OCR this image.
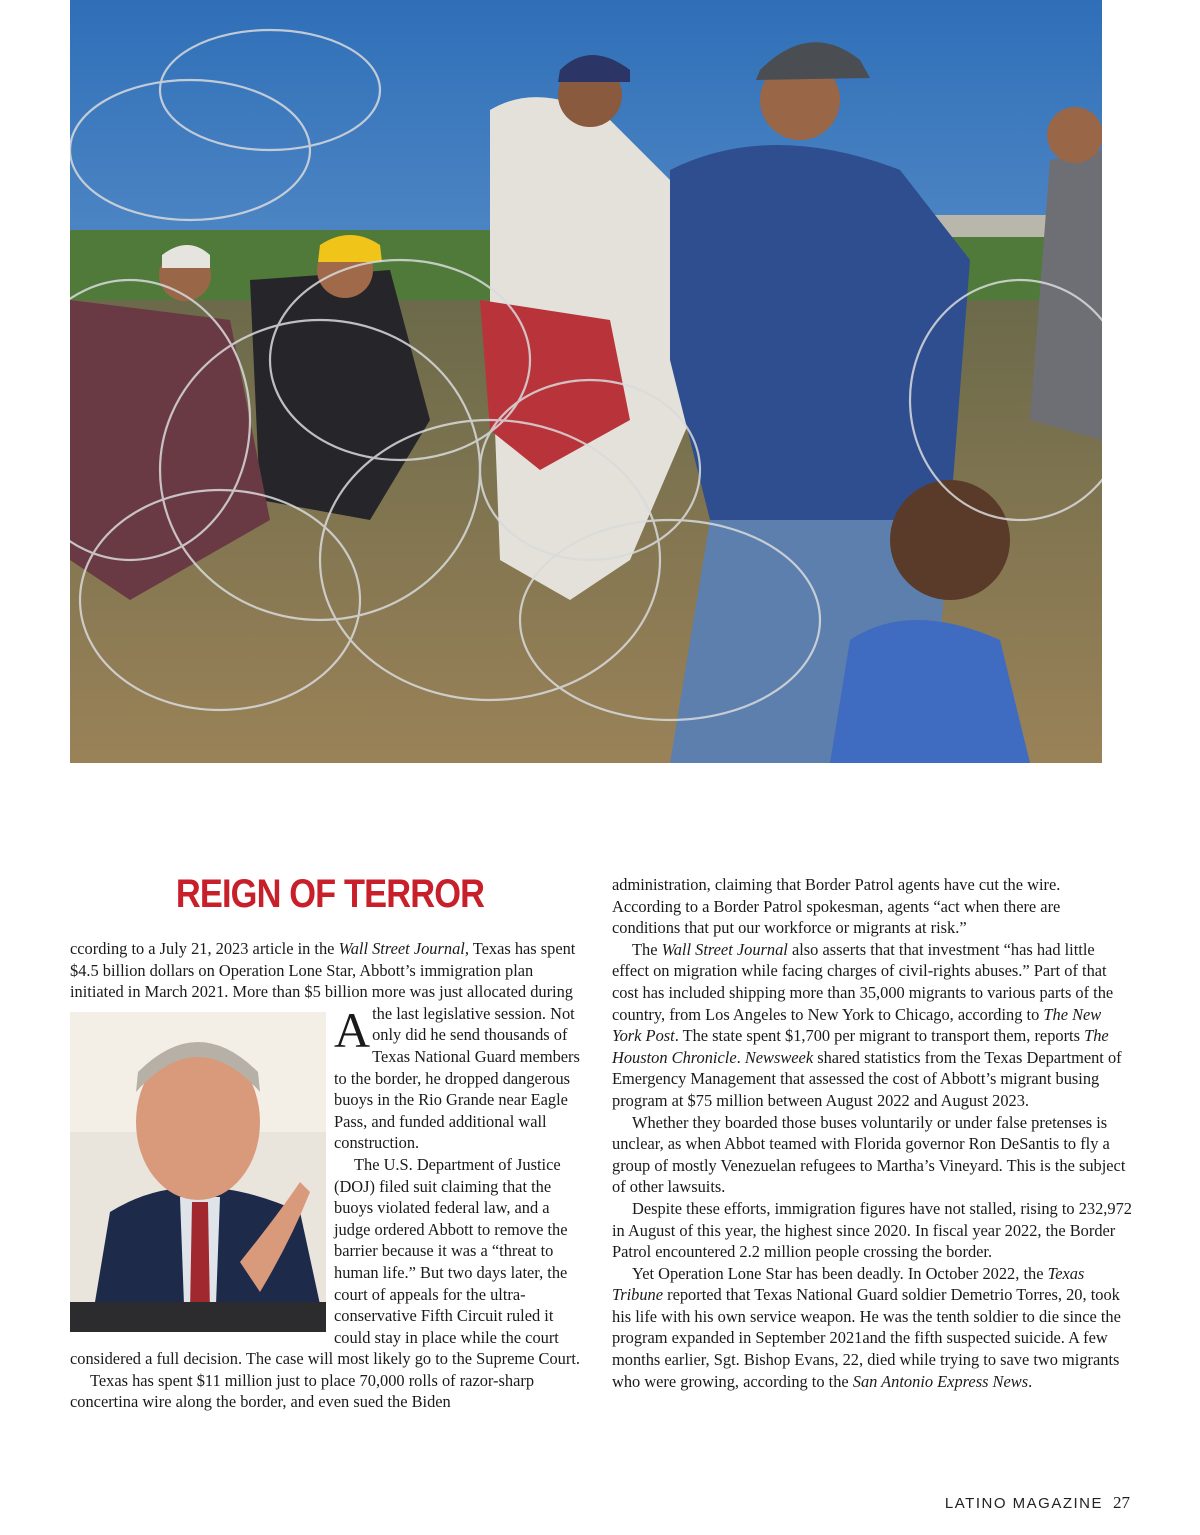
REIGN OF TERROR

A
ccording to a July 21, 2023 article in the Wall Street Journal, Texas has spent $4.5 billion dollars on Operation Lone Star, Abbott’s immigration plan initiated in March 2021. More than $5 billion more was just allocated during the last legislative session. Not only did he send thousands of Texas National Guard members to the border, he dropped dangerous buoys in the Rio Grande near Eagle Pass, and funded additional wall construction.

The U.S. Department of Justice (DOJ) filed suit claiming that the buoys violated federal law, and a judge ordered Abbott to remove the barrier because it was a “threat to human life.” But two days later, the court of appeals for the ultra-conservative Fifth Circuit ruled it could stay in place while the court considered a full decision. The case will most likely go to the Supreme Court.

Texas has spent $11 million just to place 70,000 rolls of razor-sharp concertina wire along the border, and even sued the Biden

administration, claiming that Border Patrol agents have cut the wire. According to a Border Patrol spokesman, agents “act when there are conditions that put our workforce or migrants at risk.”

The Wall Street Journal also asserts that that investment “has had little effect on migration while facing charges of civil-rights abuses.” Part of that cost has included shipping more than 35,000 migrants to various parts of the country, from Los Angeles to New York to Chicago, according to The New York Post. The state spent $1,700 per migrant to transport them, reports The Houston Chronicle. Newsweek shared statistics from the Texas Department of Emergency Management that assessed the cost of Abbott’s migrant busing program at $75 million between August 2022 and August 2023.

Whether they boarded those buses voluntarily or under false pretenses is unclear, as when Abbot teamed with Florida governor Ron DeSantis to fly a group of mostly Venezuelan refugees to Martha’s Vineyard. This is the subject of other lawsuits.

Despite these efforts, immigration figures have not stalled, rising to 232,972 in August of this year, the highest since 2020. In fiscal year 2022, the Border Patrol encountered 2.2 million people crossing the border.

Yet Operation Lone Star has been deadly. In October 2022, the Texas Tribune reported that Texas National Guard soldier Demetrio Torres, 20, took his life with his own service weapon. He was the tenth soldier to die since the program expanded in September 2021and the fifth suspected suicide. A few months earlier, Sgt. Bishop Evans, 22, died while trying to save two migrants who were growing, according to the San Antonio Express News.

LATINO MAGAZINE 27
